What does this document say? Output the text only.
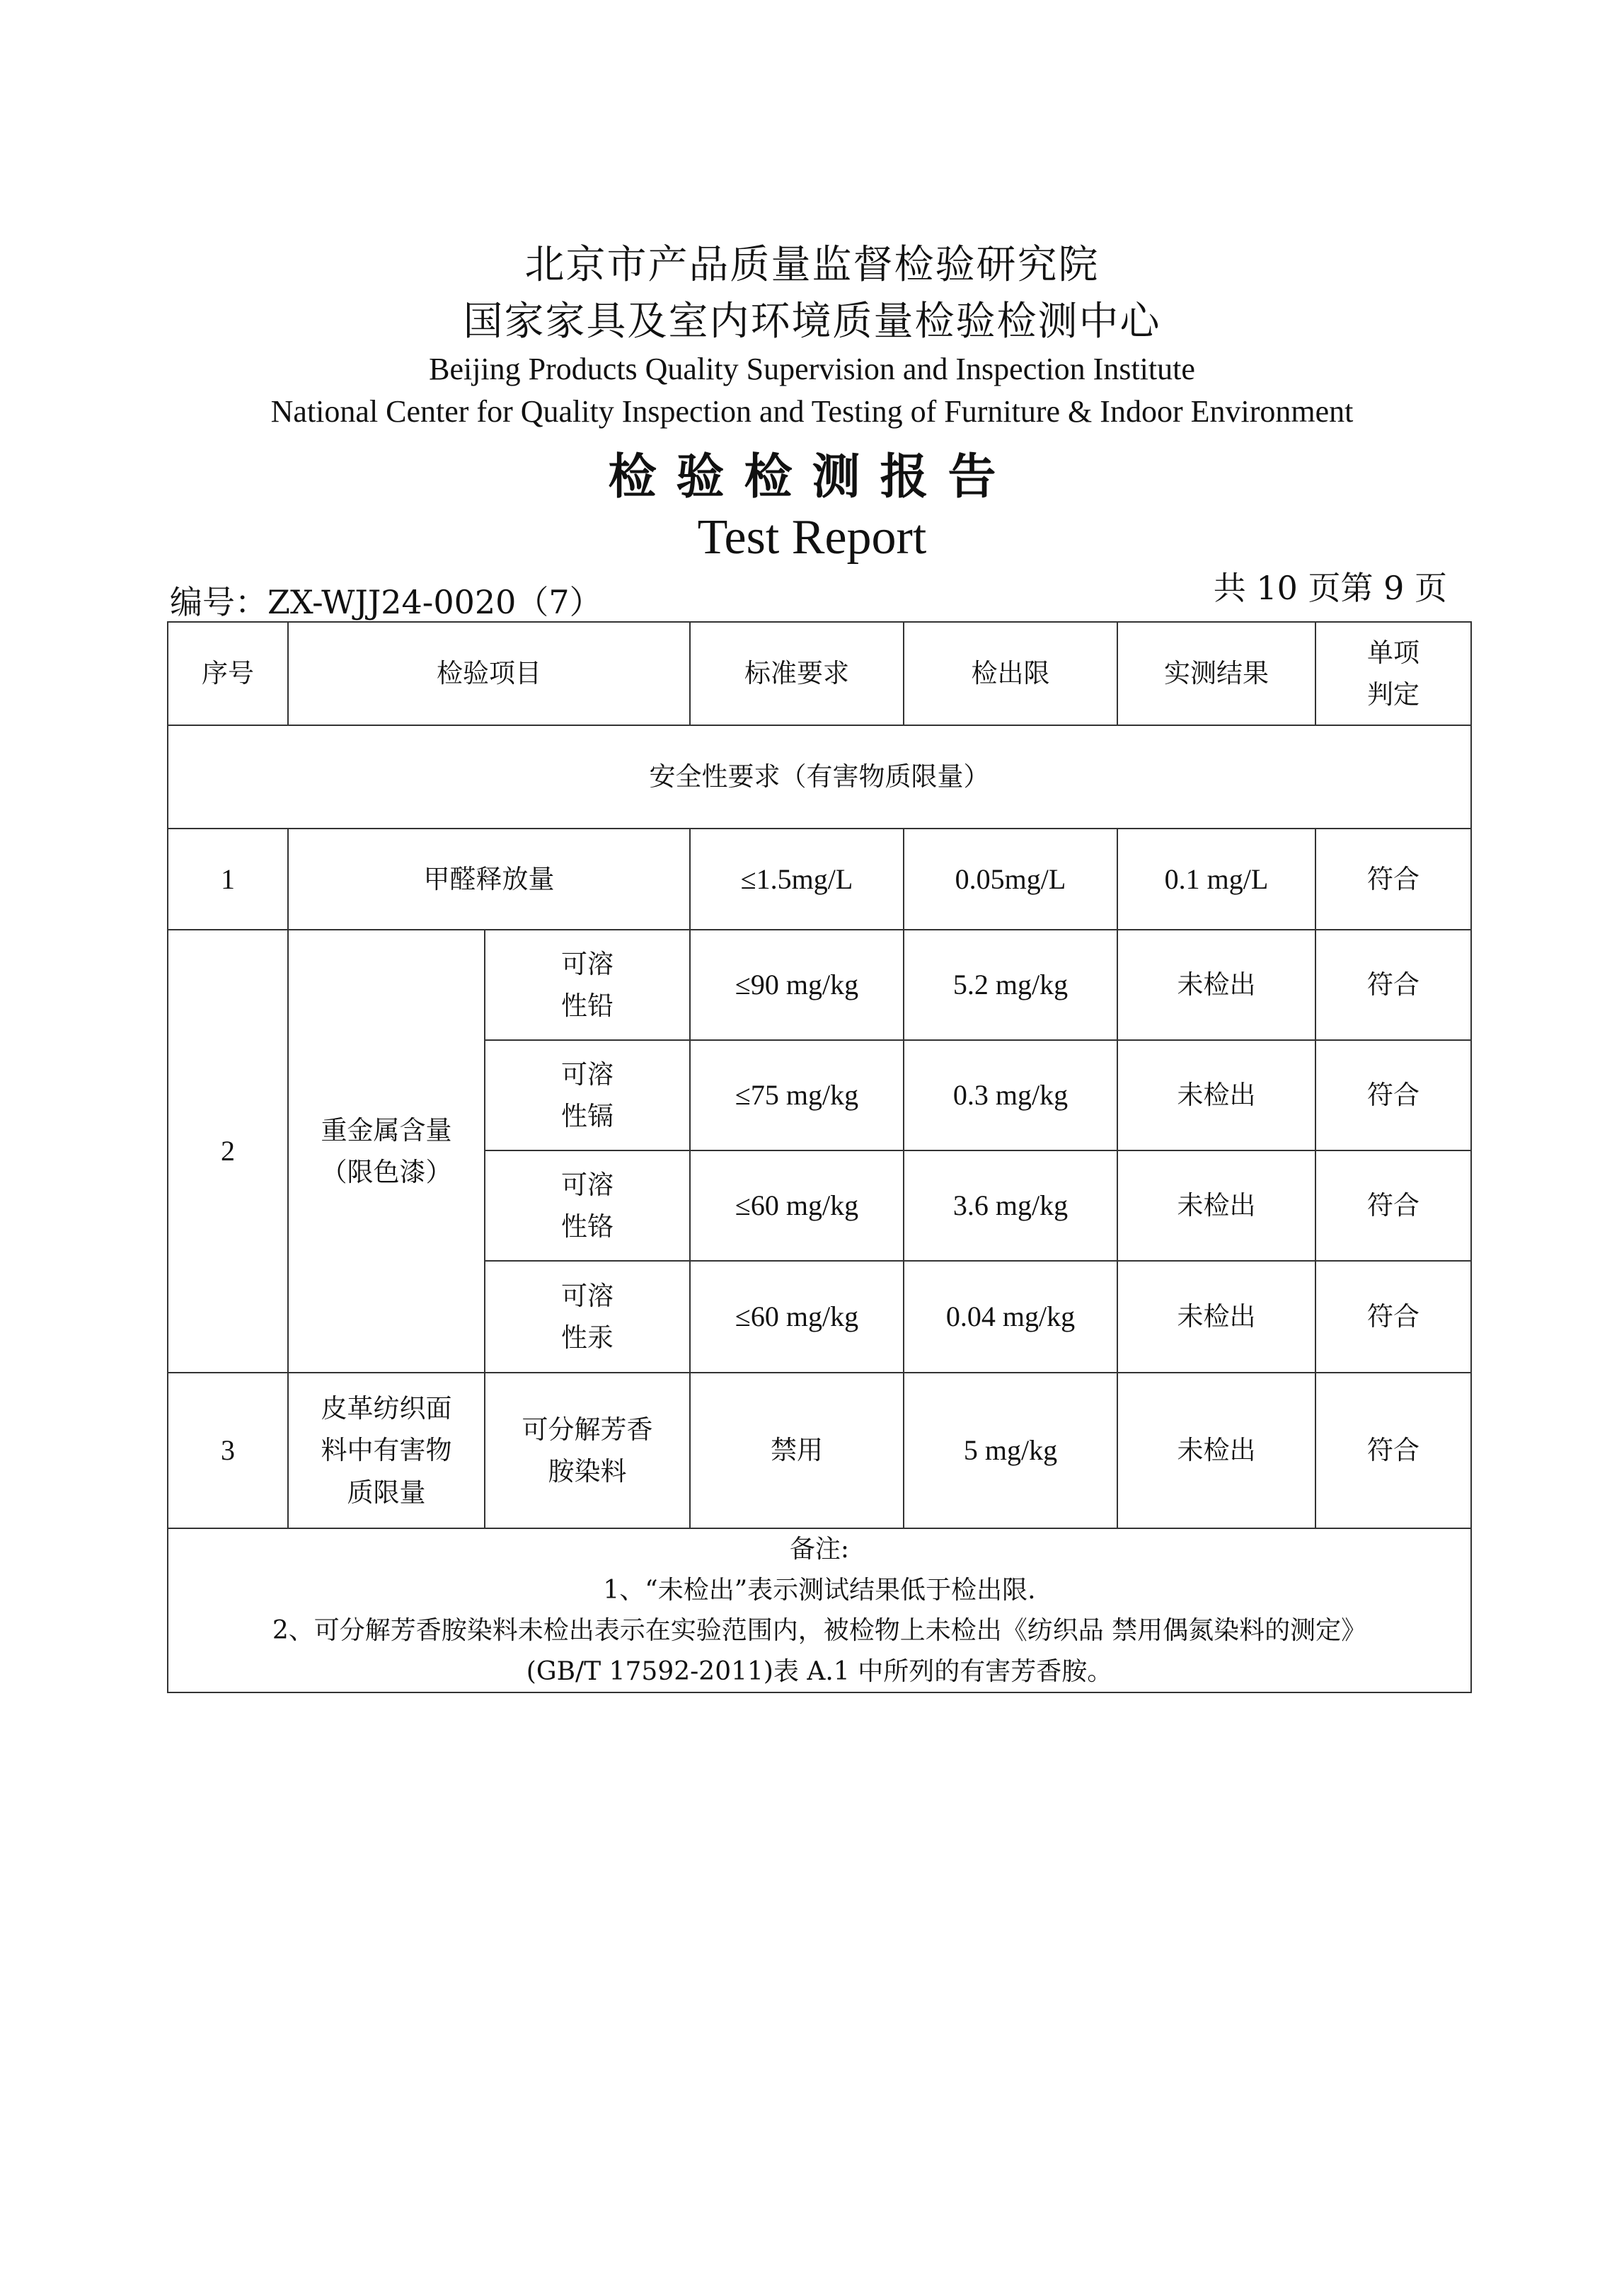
北京市产品质量监督检验研究院
国家家具及室内环境质量检验检测中心
Beijing Products Quality Supervision and Inspection Institute
National Center for Quality Inspection and Testing of Furniture & Indoor Environment
检验检测报告
Test Report
编号：ZX-WJJ24-0020（7）	共 10 页第 9 页
序号	检验项目		标准要求	检出限	实测结果	单项
判定

安全性要求（有害物质限量）						
1	甲醛释放量		≤1.5mg/L	0.05mg/L	0.1 mg/L	符合
2	重金属含量
（限色漆）	可溶
性铅	≤90 mg/kg	5.2 mg/kg	未检出	符合

		可溶
性镉	≤75 mg/kg	0.3 mg/kg	未检出	符合

		可溶
性铬	≤60 mg/kg	3.6 mg/kg	未检出	符合

		可溶
性汞	≤60 mg/kg	0.04 mg/kg	未检出	符合
3	皮革纺织面
料中有害物
质限量	可分解芳香
胺染料	禁用	5 mg/kg	未检出	符合

备注:
1、“未检出”表示测试结果低于检出限.
2、可分解芳香胺染料未检出表示在实验范围内，被检物上未检出《纺织品 禁用偶氮染料的测定》
(GB/T 17592-2011)表 A.1 中所列的有害芳香胺。						
